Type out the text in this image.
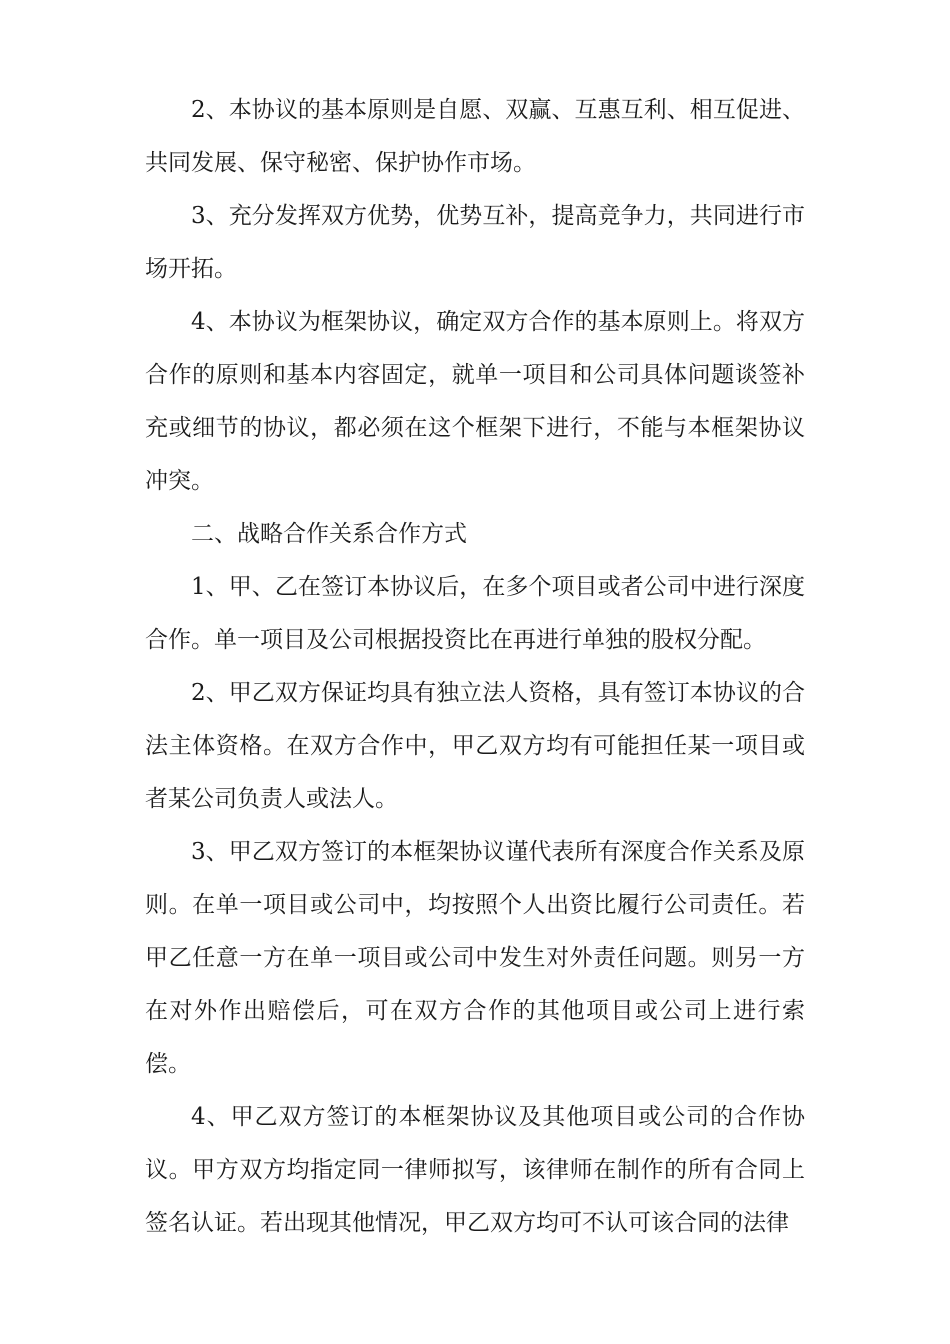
2、本协议的基本原则是自愿、双赢、互惠互利、相互促进、共同发展、保守秘密、保护协作市场。

3、充分发挥双方优势，优势互补，提高竞争力，共同进行市场开拓。

4、本协议为框架协议，确定双方合作的基本原则上。将双方合作的原则和基本内容固定，就单一项目和公司具体问题谈签补充或细节的协议，都必须在这个框架下进行，不能与本框架协议冲突。

二、战略合作关系合作方式

1、甲、乙在签订本协议后，在多个项目或者公司中进行深度合作。单一项目及公司根据投资比在再进行单独的股权分配。

2、甲乙双方保证均具有独立法人资格，具有签订本协议的合法主体资格。在双方合作中，甲乙双方均有可能担任某一项目或者某公司负责人或法人。

3、甲乙双方签订的本框架协议谨代表所有深度合作关系及原则。在单一项目或公司中，均按照个人出资比履行公司责任。若甲乙任意一方在单一项目或公司中发生对外责任问题。则另一方在对外作出赔偿后，可在双方合作的其他项目或公司上进行索偿。

4、甲乙双方签订的本框架协议及其他项目或公司的合作协议。甲方双方均指定同一律师拟写，该律师在制作的所有合同上签名认证。若出现其他情况，甲乙双方均可不认可该合同的法律
